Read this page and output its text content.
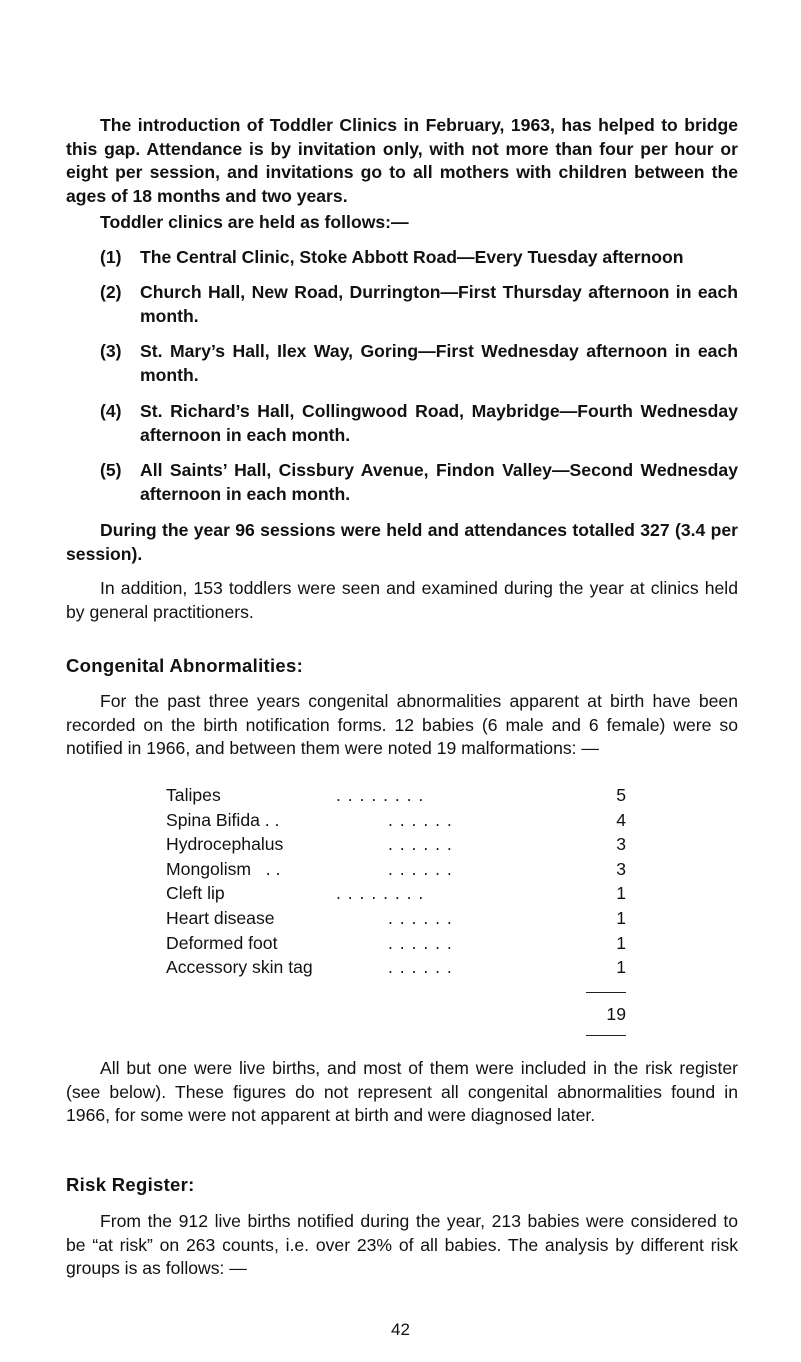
The introduction of Toddler Clinics in February, 1963, has helped to bridge this gap. Attendance is by invitation only, with not more than four per hour or eight per session, and invitations go to all mothers with children between the ages of 18 months and two years.

Toddler clinics are held as follows:—

(1)	The Central Clinic, Stoke Abbott Road—Every Tuesday afternoon
(2)	Church Hall, New Road, Durrington—First Thursday afternoon in each month.
(3)	St. Mary’s Hall, Ilex Way, Goring—First Wednesday afternoon in each month.
(4)	St. Richard’s Hall, Collingwood Road, Maybridge—Fourth Wednesday afternoon in each month.
(5)	All Saints’ Hall, Cissbury Avenue, Findon Valley—Second Wednesday afternoon in each month.

During the year 96 sessions were held and attendances totalled 327 (3.4 per session).

In addition, 153 toddlers were seen and examined during the year at clinics held by general practitioners.

Congenital Abnormalities:

For the past three years congenital abnormalities apparent at birth have been recorded on the birth notification forms. 12 babies (6 male and 6 female) were so notified in 1966, and between them were noted 19 malformations: —

Talipes	. . . . . . . .	5
Spina Bifida . .	. . . . . .	4
Hydrocephalus	. . . . . .	3
Mongolism   . .	. . . . . .	3
Cleft lip	. . . . . . . .	1
Heart disease	. . . . . .	1
Deformed foot	. . . . . .	1
Accessory skin tag	. . . . . .	1
19

All but one were live births, and most of them were included in the risk register (see below). These figures do not represent all congenital abnormalities found in 1966, for some were not apparent at birth and were diagnosed later.

Risk Register:

From the 912 live births notified during the year, 213 babies were considered to be “at risk” on 263 counts, i.e. over 23% of all babies. The analysis by different risk groups is as follows: —

42
